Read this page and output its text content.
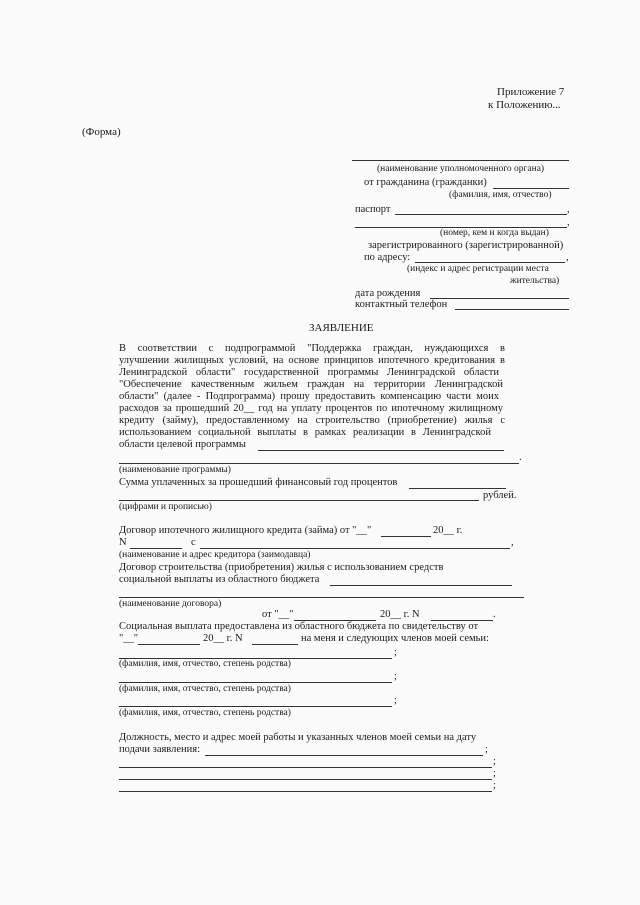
Приложение 7
к Положению...
(Форма)
(наименование уполномоченного органа)
от гражданина (гражданки)
(фамилия, имя, отчество)
паспорт	,
,
(номер, кем и когда выдан)
зарегистрированного (зарегистрированной)
по адресу:	,
(индекс и адрес регистрации места
жительства)
дата рождения
контактный телефон
ЗАЯВЛЕНИЕ
В соответствии с подпрограммой "Поддержка граждан, нуждающихся в
улучшении жилищных условий, на основе принципов ипотечного кредитования в
Ленинградской области" государственной программы Ленинградской области
"Обеспечение качественным жильем граждан на территории Ленинградской
области" (далее - Подпрограмма) прошу предоставить компенсацию части моих
расходов за прошедший 20__ год на уплату процентов по ипотечному жилищному
кредиту (займу), предоставленному на строительство (приобретение) жилья с
использованием социальной выплаты в рамках реализации в Ленинградской
области целевой программы
.
(наименование программы)
Сумма уплаченных за прошедший финансовый год процентов
рублей.
(цифрами и прописью)
Договор ипотечного жилищного кредита (займа) от "__"	20__ г.
N	с	,
(наименование и адрес кредитора (заимодавца)
Договор строительства (приобретения) жилья с использованием средств
социальной выплаты из областного бюджета
(наименование договора)
от "__"	20__ г. N	.
Социальная выплата предоставлена из областного бюджета по свидетельству от
"__"	20__ г. N	на меня и следующих членов моей семьи:
;
(фамилия, имя, отчество, степень родства)
;
(фамилия, имя, отчество, степень родства)
;
(фамилия, имя, отчество, степень родства)
Должность, место и адрес моей работы и указанных членов моей семьи на дату
подачи заявления:	;
;
;
;
